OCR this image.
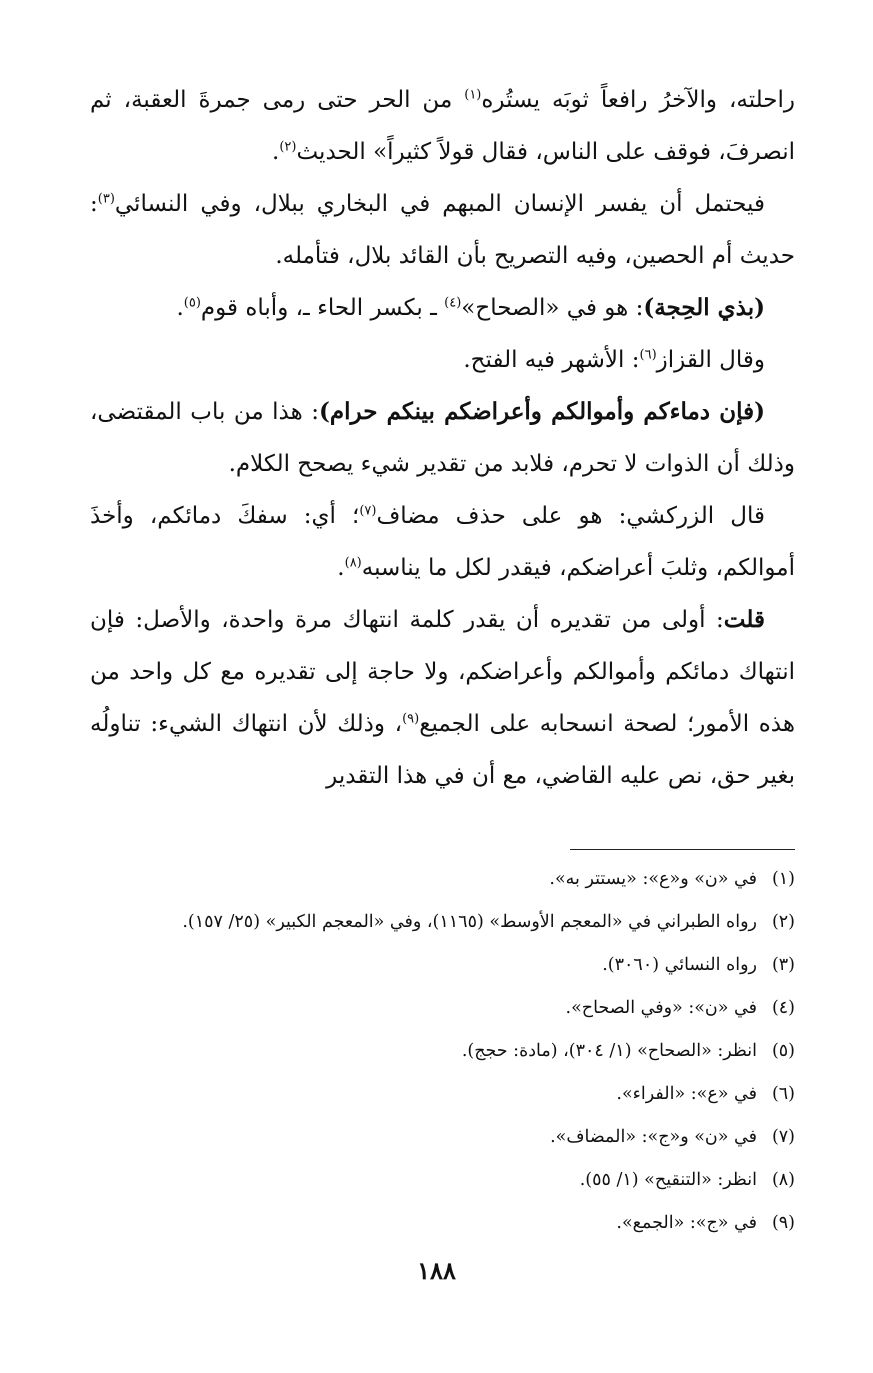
راحلته، والآخرُ رافعاً ثوبَه يستُره$^{(١)}$ من الحر حتى رمى جمرةَ العقبة، ثم انصرفَ، فوقف على الناس، فقال قولاً كثيراً» الحديث$^{(٢)}$.

فيحتمل أن يفسر الإنسان المبهم في البخاري ببلال، وفي النسائي$^{(٣)}$: حديث أم الحصين، وفيه التصريح بأن القائد بلال، فتأمله.

(بذي الحِجة): هو في «الصحاح»$^{(٤)}$ ـ بكسر الحاء ـ، وأباه قوم$^{(٥)}$.

وقال القزاز$^{(٦)}$: الأشهر فيه الفتح.

(فإن دماءكم وأموالكم وأعراضكم بينكم حرام): هذا من باب المقتضى، وذلك أن الذوات لا تحرم، فلابد من تقدير شيء يصحح الكلام.

قال الزركشي: هو على حذف مضاف$^{(٧)}$؛ أي: سفكَ دمائكم، وأخذَ أموالكم، وثلبَ أعراضكم، فيقدر لكل ما يناسبه$^{(٨)}$.

قلت: أولى من تقديره أن يقدر كلمة انتهاك مرة واحدة، والأصل: فإن انتهاك دمائكم وأموالكم وأعراضكم، ولا حاجة إلى تقديره مع كل واحد من هذه الأمور؛ لصحة انسحابه على الجميع$^{(٩)}$، وذلك لأن انتهاك الشيء: تناولُه بغير حق، نص عليه القاضي، مع أن في هذا التقدير

(١)
في «ن» و«ع»: «يستتر به».
(٢)
رواه الطبراني في «المعجم الأوسط» (١١٦٥)، وفي «المعجم الكبير» (٢٥/ ١٥٧).
(٣)
رواه النسائي (٣٠٦٠).
(٤)
في «ن»: «وفي الصحاح».
(٥)
انظر: «الصحاح» (١/ ٣٠٤)، (مادة: حجج).
(٦)
في «ع»: «الفراء».
(٧)
في «ن» و«ج»: «المضاف».
(٨)
انظر: «التنقيح» (١/ ٥٥).
(٩)
في «ج»: «الجمع».
١٨٨
